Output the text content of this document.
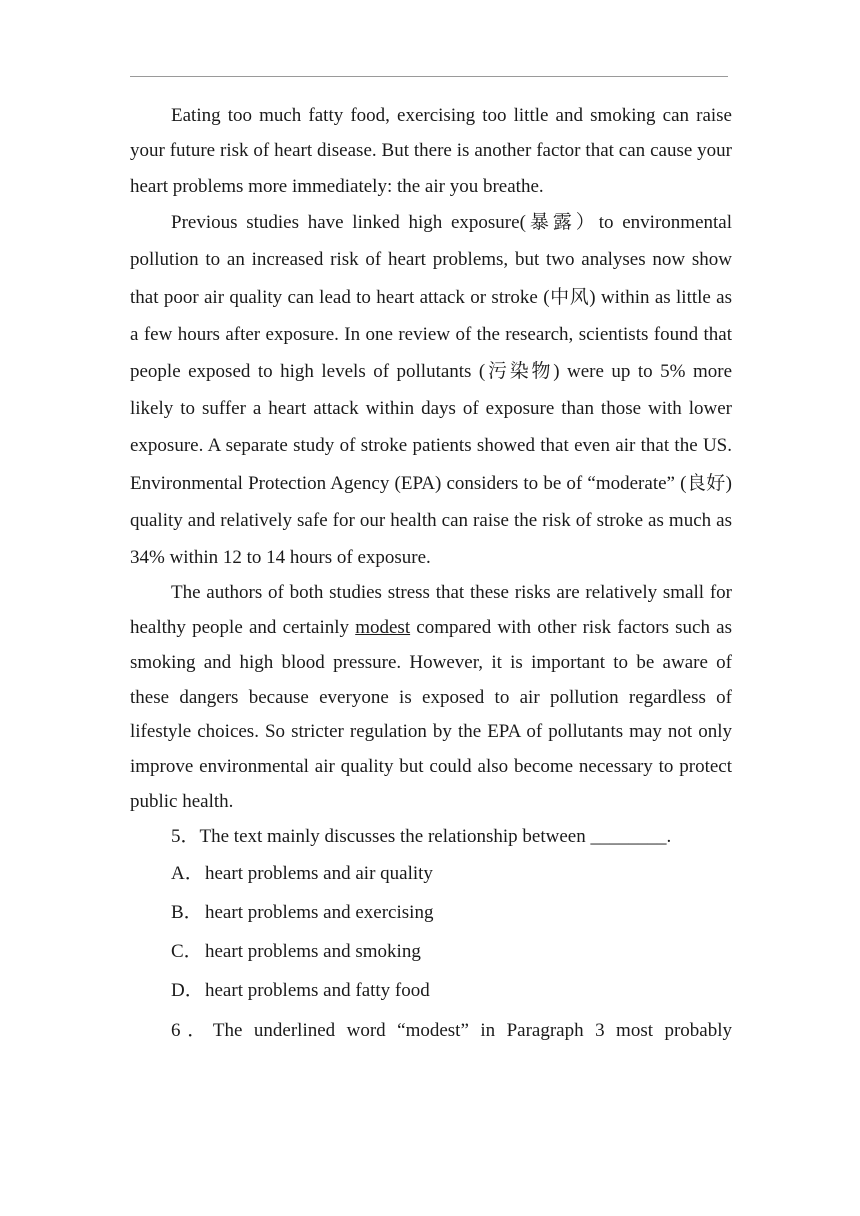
Eating too much fatty food, exercising too little and smoking can raise your future risk of heart disease. But there is another factor that can cause your heart problems more immediately: the air you breathe.

Previous studies have linked high exposure(暴露）to environmental pollution to an increased risk of heart problems, but two analyses now show that poor air quality can lead to heart attack or stroke (中风) within as little as a few hours after exposure. In one review of the research, scientists found that people exposed to high levels of pollutants (污染物) were up to 5% more likely to suffer a heart attack within days of exposure than those with lower exposure. A separate study of stroke patients showed that even air that the US. Environmental Protection Agency (EPA) considers to be of “moderate” (良好) quality and relatively safe for our health can raise the risk of stroke as much as 34% within 12 to 14 hours of exposure.

The authors of both studies stress that these risks are relatively small for healthy people and certainly modest compared with other risk factors such as smoking and high blood pressure. However, it is important to be aware of these dangers because everyone is exposed to air pollution regardless of lifestyle choices. So stricter regulation by the EPA of pollutants may not only improve environmental air quality but could also become necessary to protect public health.

5．The text mainly discusses the relationship between ________.

A．heart problems and air quality

B． heart problems and exercising

C． heart problems and smoking

D．heart problems and fatty food

6．The underlined word “modest” in Paragraph 3 most probably
